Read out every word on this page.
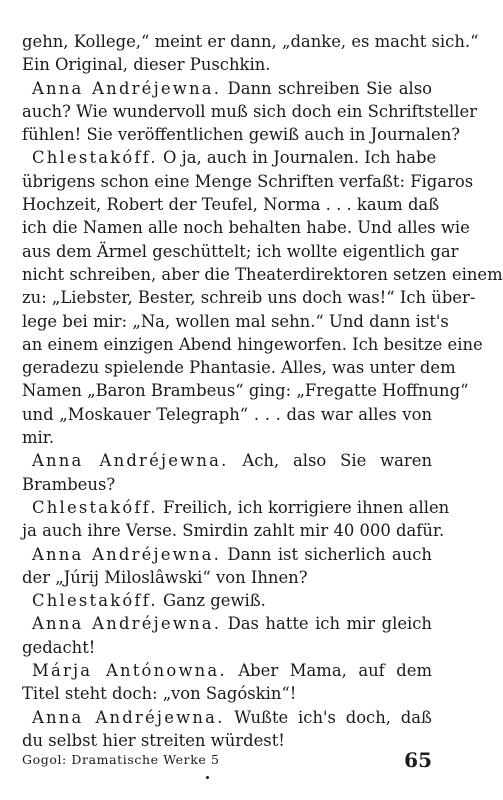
gehn, Kollege,“ meint er dann, „danke, es macht sich.“
Ein Original, dieser Puschkin.
Anna Andréjewna. Dann schreiben Sie also
auch? Wie wundervoll muß sich doch ein Schriftsteller
fühlen! Sie veröffentlichen gewiß auch in Journalen?
Chlestakóff. O ja, auch in Journalen. Ich habe
übrigens schon eine Menge Schriften verfaßt: Figaros
Hochzeit, Robert der Teufel, Norma . . . kaum daß
ich die Namen alle noch behalten habe. Und alles wie
aus dem Ärmel geschüttelt; ich wollte eigentlich gar
nicht schreiben, aber die Theaterdirektoren setzen einem
zu: „Liebster, Bester, schreib uns doch was!“ Ich über-
lege bei mir: „Na, wollen mal sehn.“ Und dann ist's
an einem einzigen Abend hingeworfen. Ich besitze eine
geradezu spielende Phantasie. Alles, was unter dem
Namen „Baron Brambeus“ ging: „Fregatte Hoffnung“
und „Moskauer Telegraph“ . . . das war alles von
mir.
Anna Andréjewna. Ach, also Sie waren
Brambeus?
Chlestakóff. Freilich, ich korrigiere ihnen allen
ja auch ihre Verse. Smirdin zahlt mir 40 000 dafür.
Anna Andréjewna. Dann ist sicherlich auch
der „Júrij Miloslâwski“ von Ihnen?
Chlestakóff. Ganz gewiß.
Anna Andréjewna. Das hatte ich mir gleich
gedacht!
Márja Antónowna. Aber Mama, auf dem
Titel steht doch: „von Sagóskin“!
Anna Andréjewna. Wußte ich's doch, daß
du selbst hier streiten würdest!
Gogol: Dramatische Werke 5	65
